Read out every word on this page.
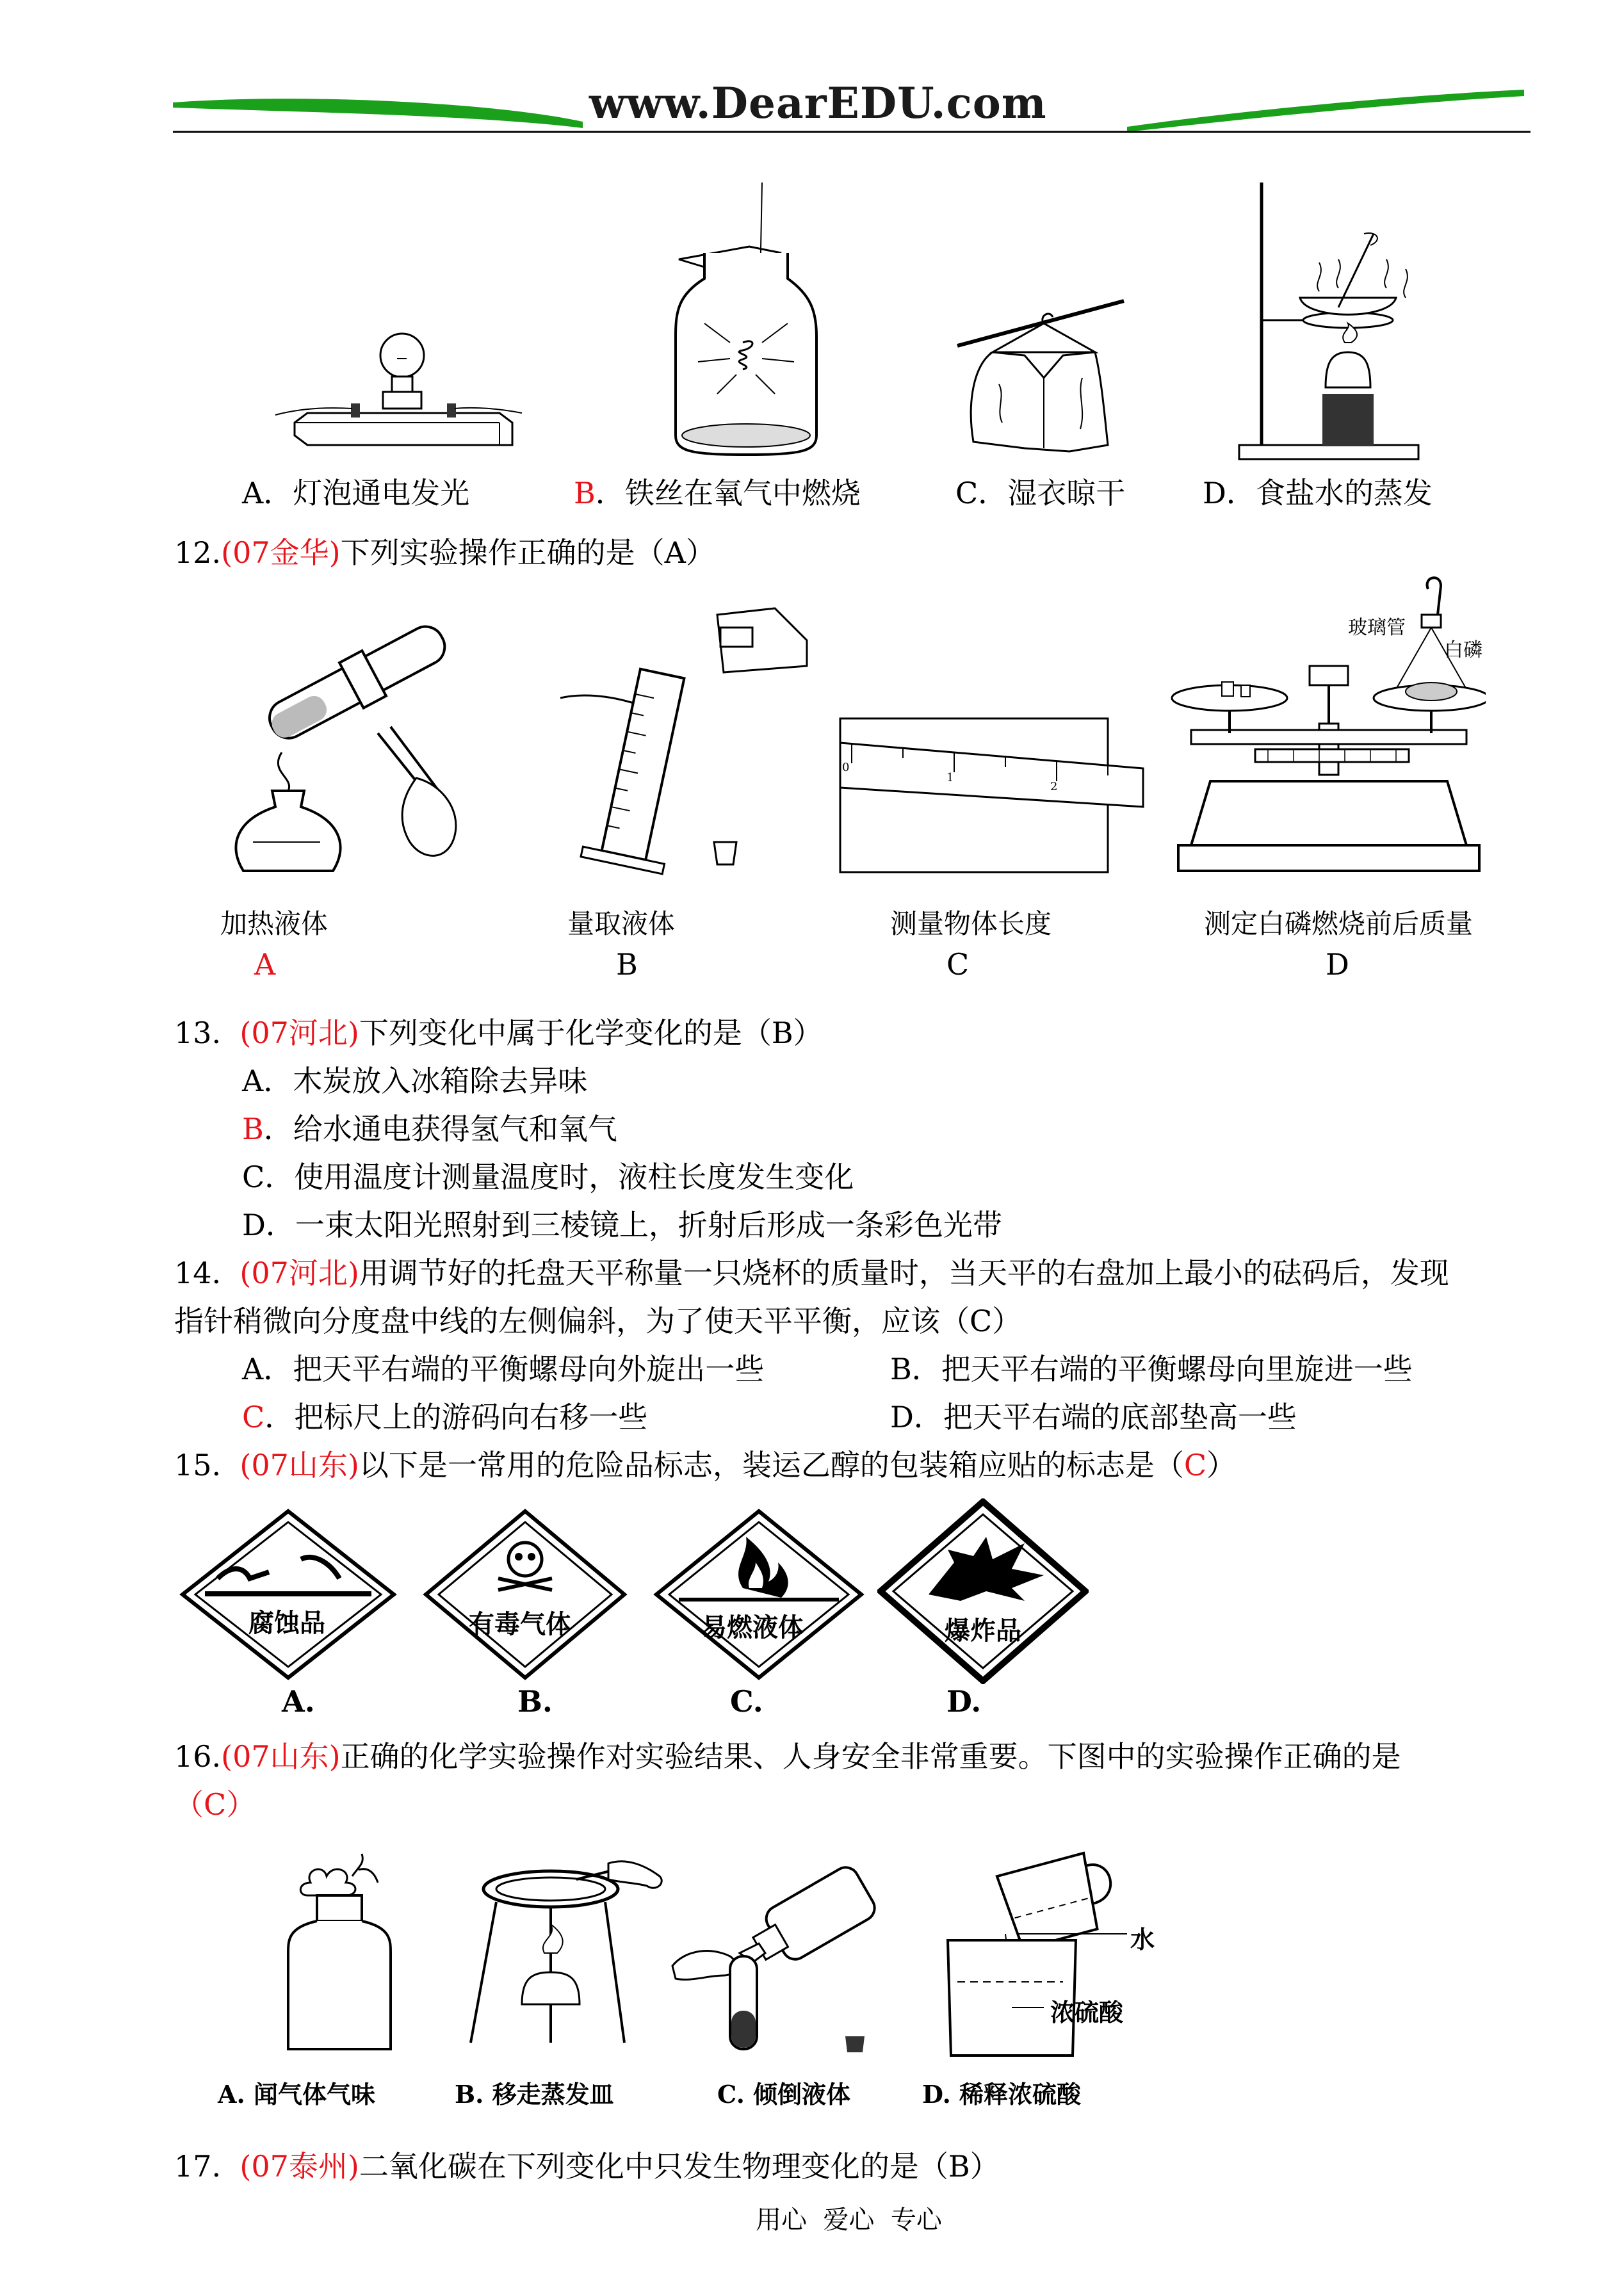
www.DearEDU.com
A．灯泡通电发光	B．铁丝在氧气中燃烧	C．湿衣晾干	D．食盐水的蒸发
12.(07金华)下列实验操作正确的是（A）
0
1
2
玻璃管
白磷
加热液体	量取液体	测量物体长度	测定白磷燃烧前后质量
A	B	C	D
13. (07河北)下列变化中属于化学变化的是（B）
A．木炭放入冰箱除去异味
B．给水通电获得氢气和氧气
C．使用温度计测量温度时，液柱长度发生变化
D．一束太阳光照射到三棱镜上，折射后形成一条彩色光带
14. (07河北)用调节好的托盘天平称量一只烧杯的质量时，当天平的右盘加上最小的砝码后，发现
指针稍微向分度盘中线的左侧偏斜，为了使天平平衡，应该（C）
A．把天平右端的平衡螺母向外旋出一些	B．把天平右端的平衡螺母向里旋进一些
C．把标尺上的游码向右移一些	D．把天平右端的底部垫高一些
15. (07山东)以下是一常用的危险品标志，装运乙醇的包装箱应贴的标志是（C）
腐蚀品	有毒气体	易燃液体	爆炸品
A.	B.	C.	D.
16.(07山东)正确的化学实验操作对实验结果、人身安全非常重要。下图中的实验操作正确的是
（C）
水
浓硫酸
A. 闻气体气味	B. 移走蒸发皿	C. 倾倒液体	D. 稀释浓硫酸
17. (07泰州)二氧化碳在下列变化中只发生物理变化的是（B）
用心  爱心  专心
